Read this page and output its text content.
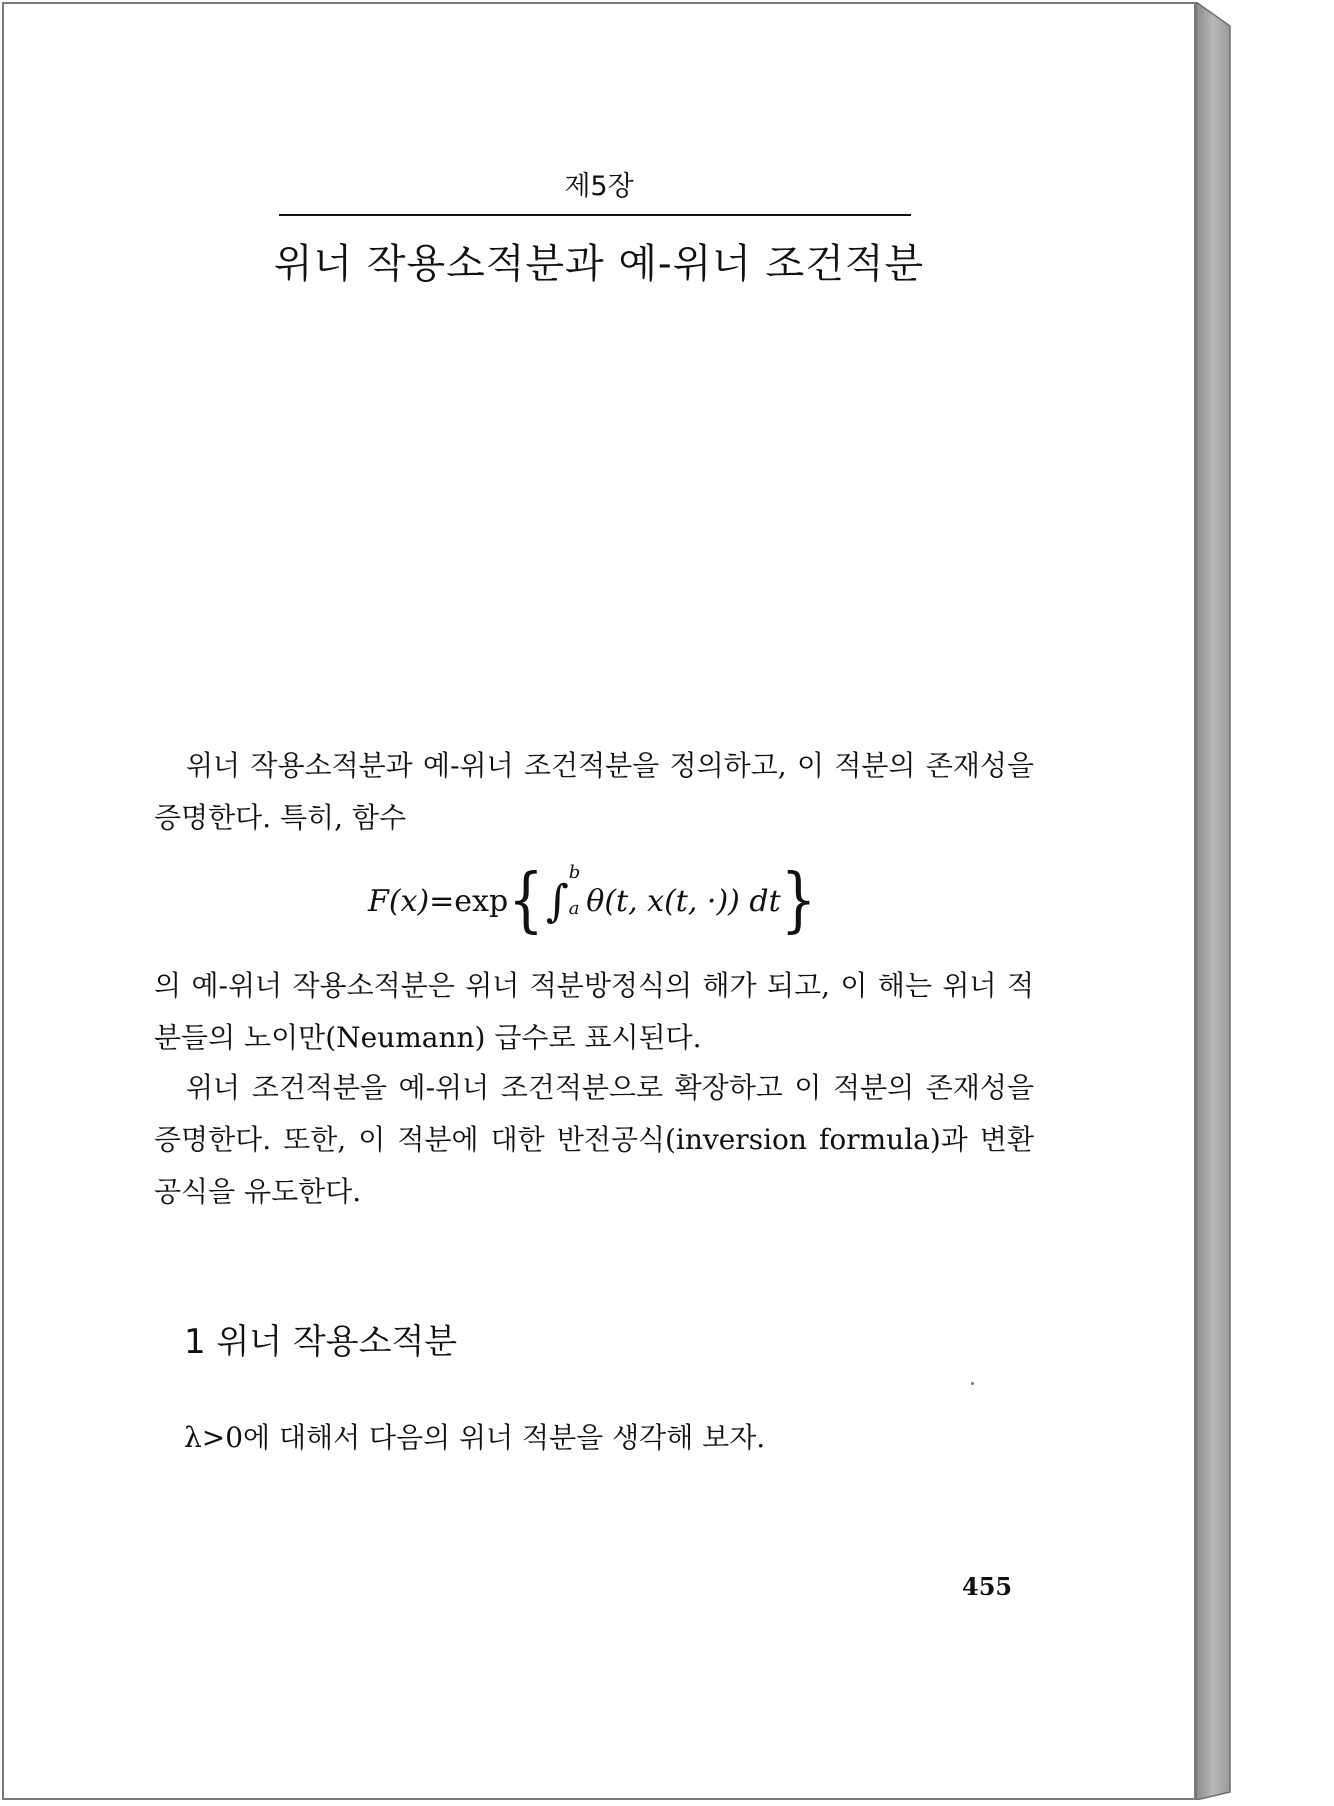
제5장
위너 작용소적분과 예-위너 조건적분
위너 작용소적분과 예-위너 조건적분을 정의하고, 이 적분의 존재성을 증명한다. 특히, 함수
F(x) =exp { ∫
b
a θ(t, x(t, ·))
dt }
의 예-위너 작용소적분은 위너 적분방정식의 해가 되고, 이 해는 위너 적분들의 노이만(Neumann) 급수로 표시된다.
위너 조건적분을 예-위너 조건적분으로 확장하고 이 적분의 존재성을 증명한다. 또한, 이 적분에 대한 반전공식(inversion formula)과 변환공식을 유도한다.
1 위너 작용소적분
λ>0에 대해서 다음의 위너 적분을 생각해 보자.
455
